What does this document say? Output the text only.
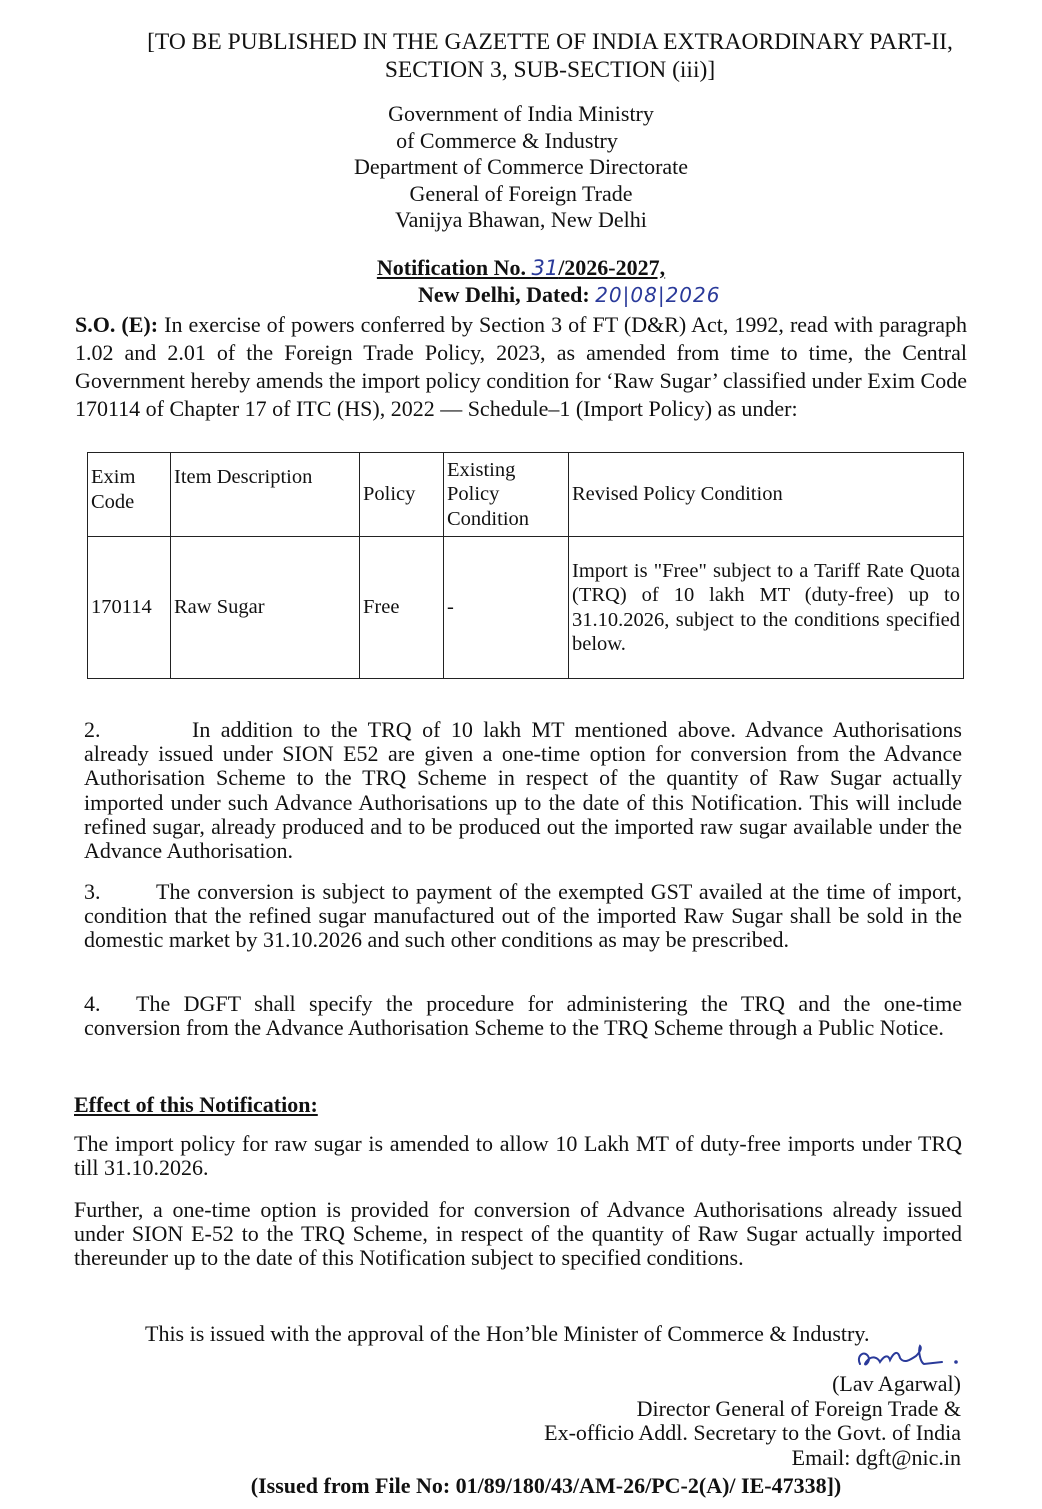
[TO BE PUBLISHED IN THE GAZETTE OF INDIA EXTRAORDINARY PART-II,
SECTION 3, SUB-SECTION (iii)]
Government of India Ministry
of Commerce & Industry
Department of Commerce Directorate
General of Foreign Trade
Vanijya Bhawan, New Delhi
Notification No. 31/2026-2027,
New Delhi, Dated: 20|08|2026
S.O. (E): In exercise of powers conferred by Section 3 of FT (D&R) Act, 1992, read with paragraph 1.02 and 2.01 of the Foreign Trade Policy, 2023, as amended from time to time, the Central Government hereby amends the import policy condition for ‘Raw Sugar’ classified under Exim Code 170114 of Chapter 17 of ITC (HS), 2022 — Schedule–1 (Import Policy) as under:
Exim Code	Item Description	Policy	Existing Policy Condition	Revised Policy Condition
170114	Raw Sugar	Free	-	Import is "Free" subject to a Tariff Rate Quota (TRQ) of 10 lakh MT (duty-free) up to 31.10.2026, subject to the conditions specified below.
2.	In addition to the TRQ of 10 lakh MT mentioned above. Advance Authorisations already issued under SION E52 are given a one-time option for conversion from the Advance Authorisation Scheme to the TRQ Scheme in respect of the quantity of Raw Sugar actually imported under such Advance Authorisations up to the date of this Notification. This will include refined sugar, already produced and to be produced out the imported raw sugar available under the Advance Authorisation.
3.	The conversion is subject to payment of the exempted GST availed at the time of import, condition that the refined sugar manufactured out of the imported Raw Sugar shall be sold in the domestic market by 31.10.2026 and such other conditions as may be prescribed.
4. The DGFT shall specify the procedure for administering the TRQ and the one-time conversion from the Advance Authorisation Scheme to the TRQ Scheme through a Public Notice.
Effect of this Notification:
The import policy for raw sugar is amended to allow 10 Lakh MT of duty-free imports under TRQ till 31.10.2026.
Further, a one-time option is provided for conversion of Advance Authorisations already issued under SION E-52 to the TRQ Scheme, in respect of the quantity of Raw Sugar actually imported thereunder up to the date of this Notification subject to specified conditions.
This is issued with the approval of the Hon’ble Minister of Commerce & Industry.
(Lav Agarwal)
Director General of Foreign Trade &
Ex-officio Addl. Secretary to the Govt. of India
Email: dgft@nic.in
(Issued from File No: 01/89/180/43/AM-26/PC-2(A)/ IE-47338])
